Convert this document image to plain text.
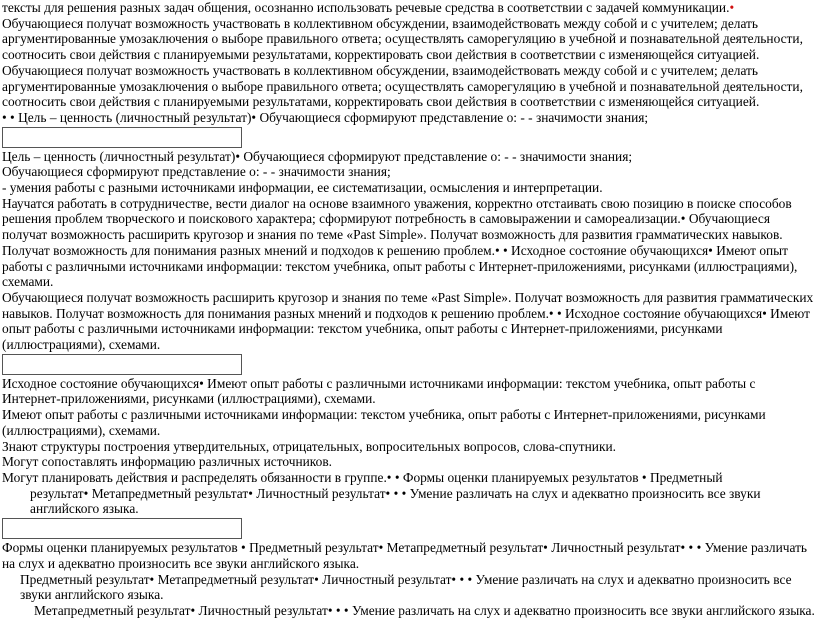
тексты для решения разных задач общения, осознанно использовать речевые средства в соответствии с задачей коммуникации.• Обучающиеся получат возможность участвовать в коллективном обсуждении, взаимодействовать между собой и с учителем; делать аргументированные умозаключения о выборе правильного ответа; осуществлять саморегуляцию в учебной и познавательной деятельности, соотносить свои действия с планируемыми результатами, корректировать свои действия в соответствии с изменяющейся ситуацией.

Обучающиеся получат возможность участвовать в коллективном обсуждении, взаимодействовать между собой и с учителем; делать аргументированные умозаключения о выборе правильного ответа; осуществлять саморегуляцию в учебной и познавательной деятельности, соотносить свои действия с планируемыми результатами, корректировать свои действия в соответствии с изменяющейся ситуацией.

• • Цель – ценность (личностный результат)• Обучающиеся сформируют представление о: - - значимости знания;

Цель – ценность (личностный результат)• Обучающиеся сформируют представление о: - - значимости знания;

Обучающиеся сформируют представление о: - - значимости знания;

- умения работы с разными источниками информации, ее систематизации, осмысления и интерпретации.

Научатся работать в сотрудничестве, вести диалог на основе взаимного уважения, корректно отстаивать свою позицию в поиске способов решения проблем творческого и поискового характера; сформируют потребность в самовыражении и самореализации.• Обучающиеся получат возможность расширить кругозор и знания по теме «Past Simple». Получат возможность для развития грамматических навыков. Получат возможность для понимания разных мнений и подходов к решению проблем.• • Исходное состояние обучающихся• Имеют опыт работы с различными источниками информации: текстом учебника, опыт работы с Интернет-приложениями, рисунками (иллюстрациями), схемами.

Обучающиеся получат возможность расширить кругозор и знания по теме «Past Simple». Получат возможность для развития грамматических навыков. Получат возможность для понимания разных мнений и подходов к решению проблем.• • Исходное состояние обучающихся• Имеют опыт работы с различными источниками информации: текстом учебника, опыт работы с Интернет-приложениями, рисунками (иллюстрациями), схемами.

Исходное состояние обучающихся• Имеют опыт работы с различными источниками информации: текстом учебника, опыт работы с Интернет-приложениями, рисунками (иллюстрациями), схемами.

Имеют опыт работы с различными источниками информации: текстом учебника, опыт работы с Интернет-приложениями, рисунками (иллюстрациями), схемами.

Знают структуры построения утвердительных, отрицательных, вопросительных вопросов, слова-спутники.

Могут сопоставлять информацию различных источников.

Могут планировать действия и распределять обязанности в группе.• • Формы оценки планируемых результатов • Предметный

результат• Метапредметный результат• Личностный результат• • • Умение различать на слух и адекватно произносить все звуки английского языка.

Формы оценки планируемых результатов • Предметный результат• Метапредметный результат• Личностный результат• • • Умение различать на слух и адекватно произносить все звуки английского языка.

Предметный результат• Метапредметный результат• Личностный результат• • • Умение различать на слух и адекватно произносить все звуки английского языка.

Метапредметный результат• Личностный результат• • • Умение различать на слух и адекватно произносить все звуки английского языка.
